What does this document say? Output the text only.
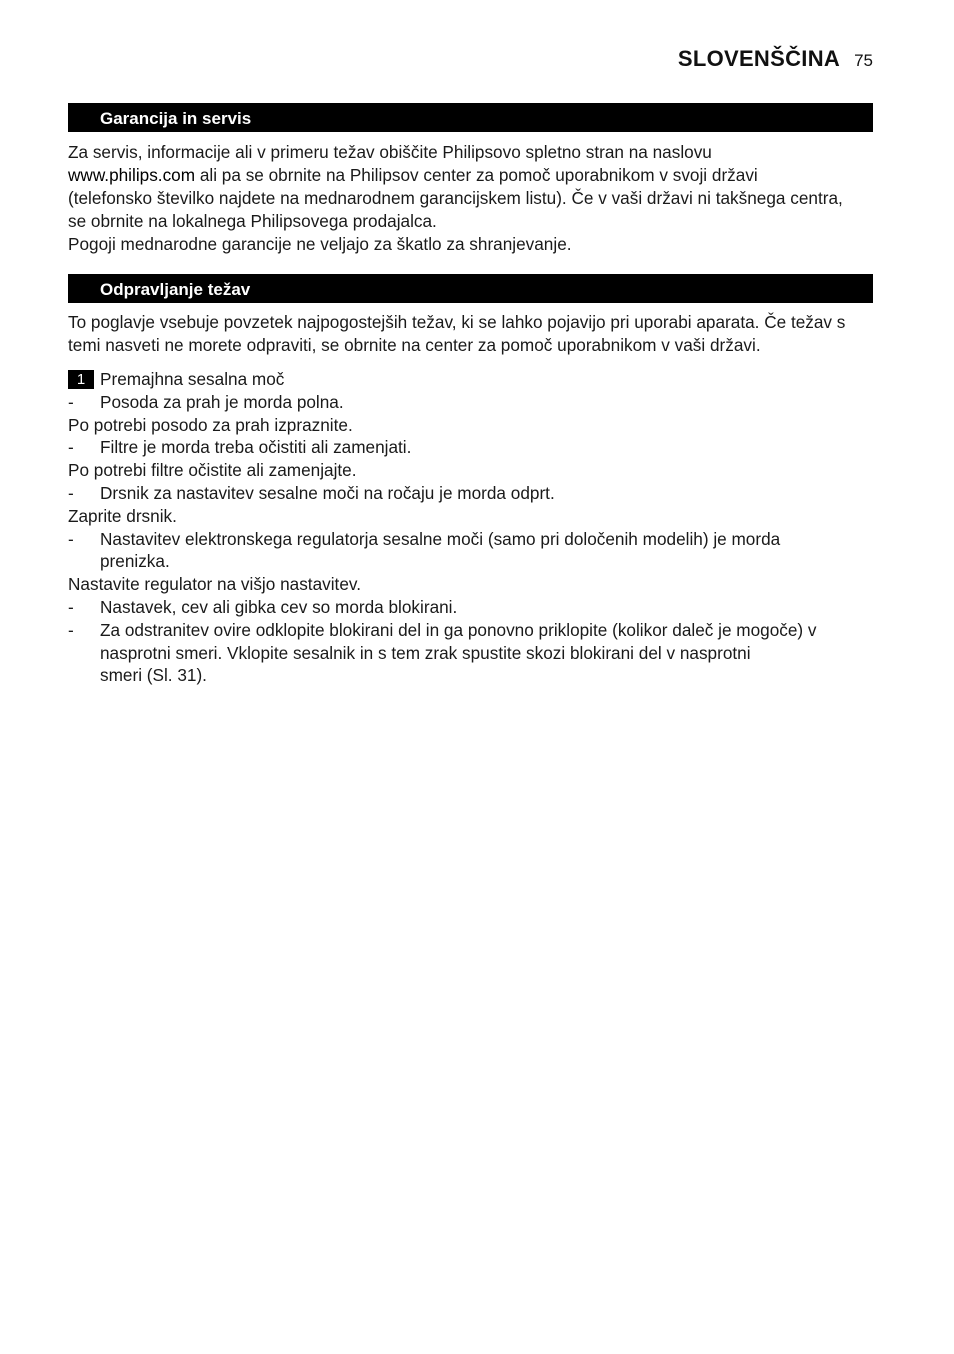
SLOVENŠČINA 75
Garancija in servis
Za servis, informacije ali v primeru težav obiščite Philipsovo spletno stran na naslovu
www.philips.com ali pa se obrnite na Philipsov center za pomoč uporabnikom v svoji državi
(telefonsko številko najdete na mednarodnem garancijskem listu). Če v vaši državi ni takšnega centra,
se obrnite na lokalnega Philipsovega prodajalca.
Pogoji mednarodne garancije ne veljajo za škatlo za shranjevanje.
Odpravljanje težav
To poglavje vsebuje povzetek najpogostejših težav, ki se lahko pojavijo pri uporabi aparata. Če težav s
temi nasveti ne morete odpraviti, se obrnite na center za pomoč uporabnikom v vaši državi.
1 Premajhna sesalna moč
-	Posoda za prah je morda polna.
Po potrebi posodo za prah izpraznite.
-	Filtre je morda treba očistiti ali zamenjati.
Po potrebi filtre očistite ali zamenjajte.
-	Drsnik za nastavitev sesalne moči na ročaju je morda odprt.
Zaprite drsnik.
-	Nastavitev elektronskega regulatorja sesalne moči (samo pri določenih modelih) je morda
prenizka.
Nastavite regulator na višjo nastavitev.
-	Nastavek, cev ali gibka cev so morda blokirani.
-	Za odstranitev ovire odklopite blokirani del in ga ponovno priklopite (kolikor daleč je mogoče) v
nasprotni smeri. Vklopite sesalnik in s tem zrak spustite skozi blokirani del v nasprotni
smeri (Sl. 31).
